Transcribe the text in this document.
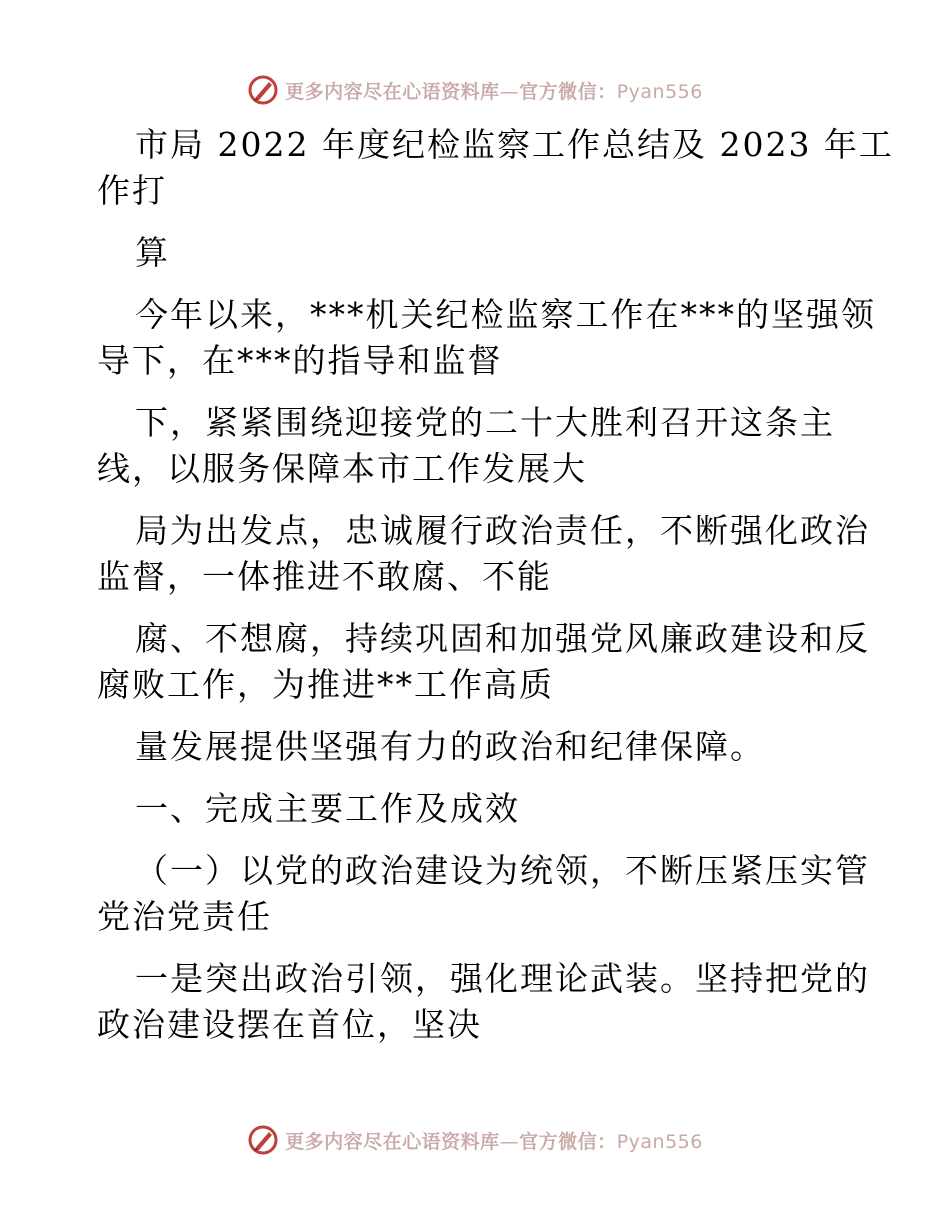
更多内容尽在心语资料库—官方微信：Pyan556
市局 2022 年度纪检监察工作总结及 2023 年工
作打
算
今年以来，***机关纪检监察工作在***的坚强领
导下，在***的指导和监督
下，紧紧围绕迎接党的二十大胜利召开这条主
线，以服务保障本市工作发展大
局为出发点，忠诚履行政治责任，不断强化政治
监督，一体推进不敢腐、不能
腐、不想腐，持续巩固和加强党风廉政建设和反
腐败工作，为推进**工作高质
量发展提供坚强有力的政治和纪律保障。
一、完成主要工作及成效
（一）以党的政治建设为统领，不断压紧压实管
党治党责任
一是突出政治引领，强化理论武装。坚持把党的
政治建设摆在首位，坚决
更多内容尽在心语资料库—官方微信：Pyan556
